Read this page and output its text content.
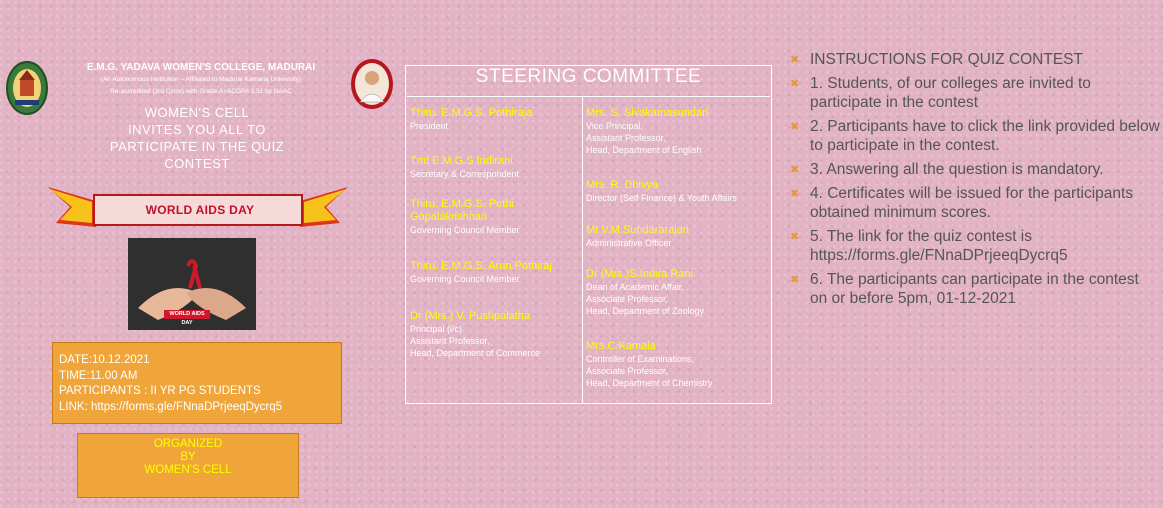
E.M.G. YADAVA WOMEN'S COLLEGE, MADURAI
(An Autonomous Institution – Affiliated to Madurai Kamaraj University)
Re-accredited (3rd Cycle) with Grade A+&CGPA 3.51 by NAAC
WOMEN'S CELL
INVITES YOU ALL TO
PARTICIPATE IN THE QUIZ
CONTEST
WORLD AIDS DAY
WORLD AIDS DAY
DATE:10.12.2021
TIME:11.00 AM
PARTICIPANTS : II YR PG STUDENTS
LINK: https://forms.gle/FNnaDPrjeeqDycrq5
ORGANIZED
BY
WOMEN'S CELL
STEERING COMMITTEE
Thiru. E.M.G.S. Pothiraja
President
Tmt E.M.G.S Indirani
Secretary & Correspondent
Thiru. E.M.G.S. Pothi Gopalakrishnan
Governing Council Member
Thiru. E.M.G.S. Arun Pothiraj
Governing Council Member
Dr (Mrs.) V. Pushpalatha
Principal (i/c)
Assistant Professor,
Head, Department of Commerce
Mrs. S. Sivakamasundari
Vice Principal,
Assistant Professor,
Head, Department of English
Mrs. R. Dhivya
Director (Self Finance) & Youth Affairs
Mr.V.M.Sundararajan
Administrative Officer
Dr (Mrs.)S.Indira Rani
Dean of Academic Affair,
Associate Professor,
Head, Department of Zoology
Mrs.C.Kamala
Controller of Examinations,
Associate Professor,
Head, Department of Chemistry
✖ INSTRUCTIONS FOR QUIZ CONTEST
✖ 1. Students, of our colleges are invited to participate in the contest
✖ 2. Participants have to click the link provided below to participate in the contest.
✖ 3. Answering all the question is mandatory.
✖ 4. Certificates will be issued for the participants obtained minimum scores.
✖ 5. The link for the quiz contest is https://forms.gle/FNnaDPrjeeqDycrq5
✖ 6. The participants can participate in the contest on or before 5pm, 01-12-2021
